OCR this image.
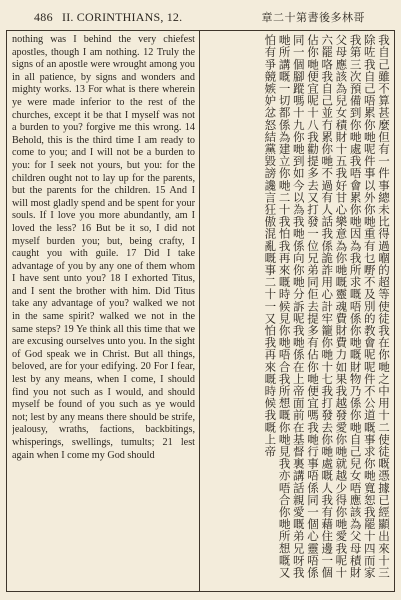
486 II. CORINTHIANS, 12.	章二十第書後多林哥

nothing was I behind the very chiefest apostles, though I am nothing. 12 Truly the signs of an apostle were wrought among you in all patience, by signs and wonders and mighty works. 13 For what is there wherein ye were made inferior to the rest of the churches, except it be that I myself was not a burden to you? forgive me this wrong. 14 Behold, this is the third time I am ready to come to you; and I will not be a burden to you: for I seek not yours, but you: for the children ought not to lay up for the parents, but the parents for the children. 15 And I will most gladly spend and be spent for your souls. If I love you more abundantly, am I loved the less? 16 But be it so, I did not myself burden you; but, being crafty, I caught you with guile. 17 Did I take advantage of you by any one of them whom I have sent unto you? 18 I exhorted Titus, and I sent the brother with him. Did Titus take any advantage of you? walked we not in the same spirit? walked we not in the same steps? 19 Ye think all this time that we are excusing ourselves unto you. In the sight of God speak we in Christ. But all things, beloved, are for your edifying. 20 For I fear, lest by any means, when I come, I should find you not such as I would, and should myself be found of you such as ye would not; lest by any means there should be strife, jealousy, wraths, factions, backbitings, whisperings, swellings, tumults; 21 lest again when I come my God should	我自己雖不算甚麼但有一件事總未比得過嗰的超等使徒我在你哋之中用十二使徒嘅憑據已經顯出來十三除咗我自己唔累你哋呢件事以外你哋重有乜嘢不及別的教會呢呢件不公道嘅事求你哋寬恕我罷十四而家我第三次預備到你哋處我唔會累你哋因為我所求嘅唔係你哋嘅財物乃係你哋自己兒女唔應該為父母積財父母應該為兒女積財十五我好甘心樂意為你哋嘅靈魂費財費力如果我越發愛你哋就越少得你哋愛我呢十六罷咯我自己並冇累你哋不過有人話我係詭詐用心計牢籠你哋十七我打發去你哋處嘅人我有藉住邊一個佔你哋便宜呢十八我勸提多去又打發一位兄弟同佢去提多有佔你哋便宜嗎我哋行事唔係同一個心靈唔係同一個腳蹤嗎十九你哋到如今以為我哋係向你哋分訴呢我哋係在上帝面前在基督裏講話親愛嘅弟兄呀我哋所講嘅一切都係為建立你哋二十我怕我再來嘅時候見你哋唔合我所想嘅你哋見我亦唔合你哋所想嘅又怕有爭競嫉妒忿怒結黨毀謗讒言狂傲混亂嘅事二十一又怕我再來嘅時候我嘅上帝
